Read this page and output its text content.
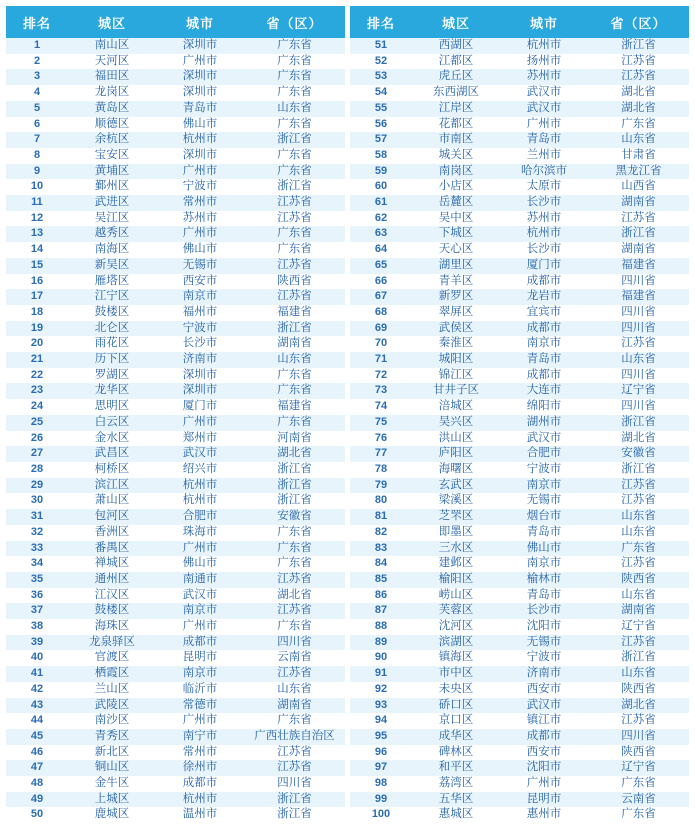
排名	城区	城市	省（区）
1	南山区	深圳市	广东省
2	天河区	广州市	广东省
3	福田区	深圳市	广东省
4	龙岗区	深圳市	广东省
5	黄岛区	青岛市	山东省
6	顺德区	佛山市	广东省
7	余杭区	杭州市	浙江省
8	宝安区	深圳市	广东省
9	黄埔区	广州市	广东省
10	鄞州区	宁波市	浙江省
11	武进区	常州市	江苏省
12	吴江区	苏州市	江苏省
13	越秀区	广州市	广东省
14	南海区	佛山市	广东省
15	新吴区	无锡市	江苏省
16	雁塔区	西安市	陕西省
17	江宁区	南京市	江苏省
18	鼓楼区	福州市	福建省
19	北仑区	宁波市	浙江省
20	雨花区	长沙市	湖南省
21	历下区	济南市	山东省
22	罗湖区	深圳市	广东省
23	龙华区	深圳市	广东省
24	思明区	厦门市	福建省
25	白云区	广州市	广东省
26	金水区	郑州市	河南省
27	武昌区	武汉市	湖北省
28	柯桥区	绍兴市	浙江省
29	滨江区	杭州市	浙江省
30	萧山区	杭州市	浙江省
31	包河区	合肥市	安徽省
32	香洲区	珠海市	广东省
33	番禺区	广州市	广东省
34	禅城区	佛山市	广东省
35	通州区	南通市	江苏省
36	江汉区	武汉市	湖北省
37	鼓楼区	南京市	江苏省
38	海珠区	广州市	广东省
39	龙泉驿区	成都市	四川省
40	官渡区	昆明市	云南省
41	栖霞区	南京市	江苏省
42	兰山区	临沂市	山东省
43	武陵区	常德市	湖南省
44	南沙区	广州市	广东省
45	青秀区	南宁市	广西壮族自治区
46	新北区	常州市	江苏省
47	铜山区	徐州市	江苏省
48	金牛区	成都市	四川省
49	上城区	杭州市	浙江省
50	鹿城区	温州市	浙江省
排名	城区	城市	省（区）
51	西湖区	杭州市	浙江省
52	江都区	扬州市	江苏省
53	虎丘区	苏州市	江苏省
54	东西湖区	武汉市	湖北省
55	江岸区	武汉市	湖北省
56	花都区	广州市	广东省
57	市南区	青岛市	山东省
58	城关区	兰州市	甘肃省
59	南岗区	哈尔滨市	黑龙江省
60	小店区	太原市	山西省
61	岳麓区	长沙市	湖南省
62	吴中区	苏州市	江苏省
63	下城区	杭州市	浙江省
64	天心区	长沙市	湖南省
65	湖里区	厦门市	福建省
66	青羊区	成都市	四川省
67	新罗区	龙岩市	福建省
68	翠屏区	宜宾市	四川省
69	武侯区	成都市	四川省
70	秦淮区	南京市	江苏省
71	城阳区	青岛市	山东省
72	锦江区	成都市	四川省
73	甘井子区	大连市	辽宁省
74	涪城区	绵阳市	四川省
75	吴兴区	湖州市	浙江省
76	洪山区	武汉市	湖北省
77	庐阳区	合肥市	安徽省
78	海曙区	宁波市	浙江省
79	玄武区	南京市	江苏省
80	梁溪区	无锡市	江苏省
81	芝罘区	烟台市	山东省
82	即墨区	青岛市	山东省
83	三水区	佛山市	广东省
84	建邺区	南京市	江苏省
85	榆阳区	榆林市	陕西省
86	崂山区	青岛市	山东省
87	芙蓉区	长沙市	湖南省
88	沈河区	沈阳市	辽宁省
89	滨湖区	无锡市	江苏省
90	镇海区	宁波市	浙江省
91	市中区	济南市	山东省
92	未央区	西安市	陕西省
93	硚口区	武汉市	湖北省
94	京口区	镇江市	江苏省
95	成华区	成都市	四川省
96	碑林区	西安市	陕西省
97	和平区	沈阳市	辽宁省
98	荔湾区	广州市	广东省
99	五华区	昆明市	云南省
100	惠城区	惠州市	广东省
